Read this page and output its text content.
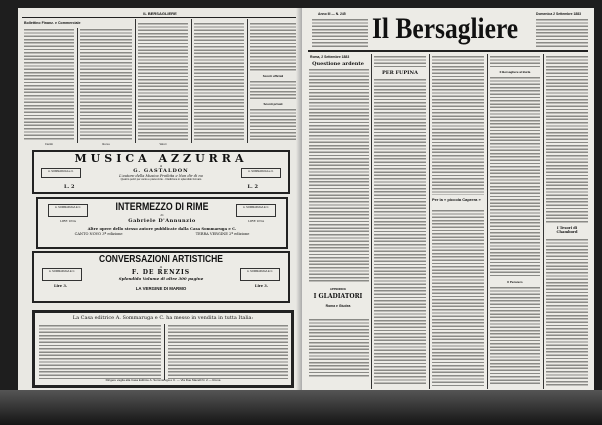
IL BERSAGLIERE
Bollettino Finanz. e Commerciale
Sconti ufficiali
Sconti privati
Cambi	Borsa	Valori
MUSICA AZZURRA
di
G. GASTALDON
L'autore della Musica Proibita e Non dir di no
Quattro pezzi per canto e piano-forte - II Edizione in splendido formato
A. SOMMARUGA e C.	A. SOMMARUGA e C.
L. 2	L. 2
INTERMEZZO DI RIME
di
Gabriele D'Annunzio
Altre opere dello stesso autore pubblicate dalla Casa Sommaruga e C.
CANTO NOVO 3ª edizione	TERRA VERGINE 2ª edizione
A. SOMMARUGA E C.	A. SOMMARUGA E C.
LIRE UNA	LIRE UNA
CONVERSAZIONI ARTISTICHE
di
F. DE RENZIS
Splendido Volume di oltre 300 pagine
LA VERGINE DI MARMO
A. SOMMARUGA E C.	A. SOMMARUGA E C.
Lire 3.	Lire 3.
La Casa editrice A. Sommaruga e C. ha messo in vendita in tutta Italia:
Dirigere vaglia alla Casa Editrice A. Sommaruga e C. — Via Due Macelli N. 2 — Roma
Anno III — N. 245 Il Bersagliere	Domenica 2 Settembre 1883
Roma, 2 Settembre 1883
Questione ardente
APPENDICE
I GLADIATORI
Roma e Giudea
PER FUPINA
Per la « piccola Caprera »
Il Bersagliere al Burla
Il Pensiero
I Tesori di Chambord
